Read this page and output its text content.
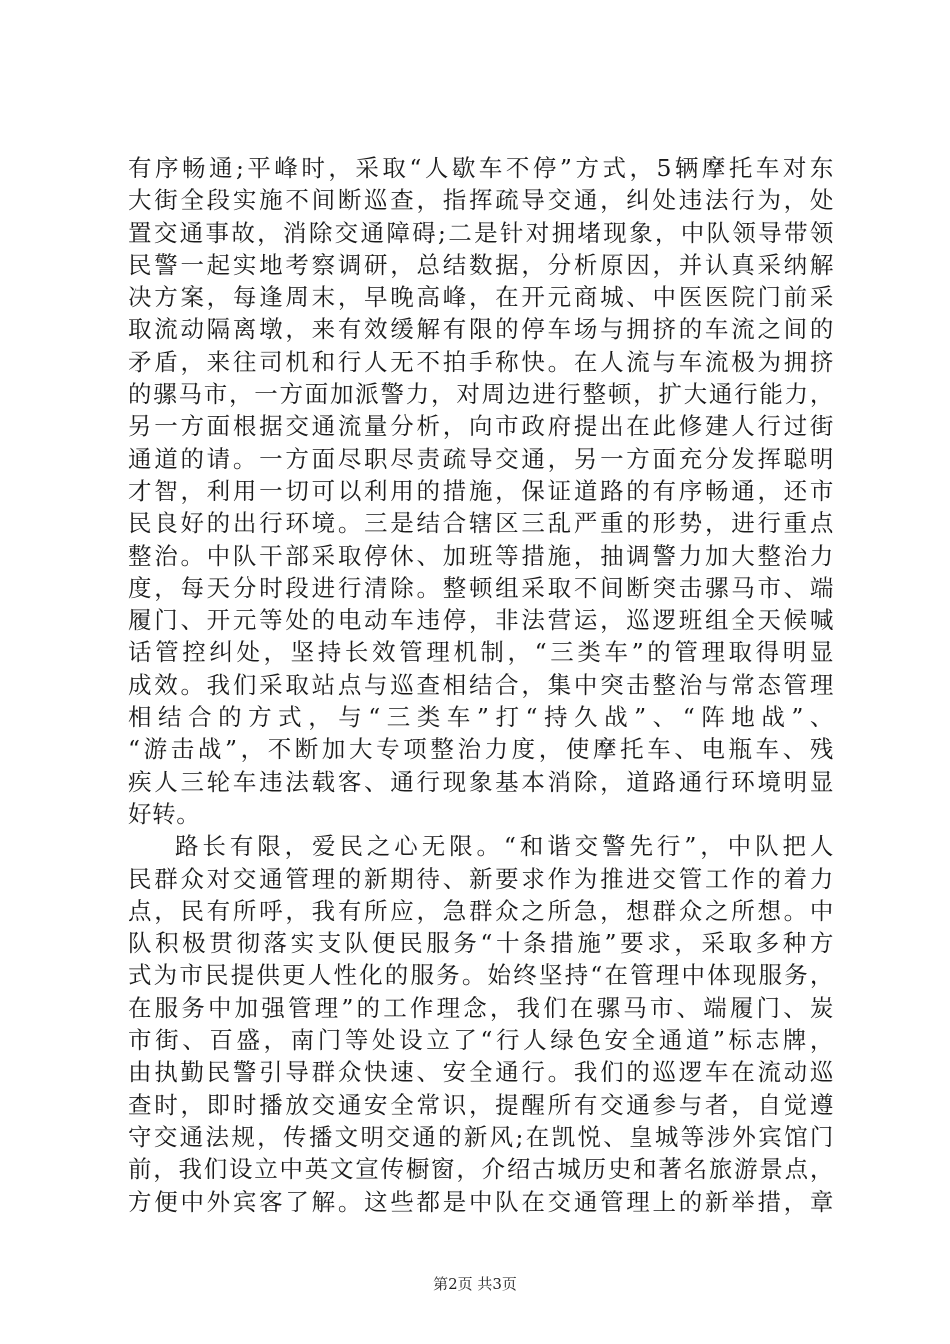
有序畅通;平峰时，采取“人歇车不停”方式，5辆摩托车对东
大街全段实施不间断巡查，指挥疏导交通，纠处违法行为，处
置交通事故，消除交通障碍;二是针对拥堵现象，中队领导带领
民警一起实地考察调研，总结数据，分析原因，并认真采纳解
决方案，每逢周末，早晚高峰，在开元商城、中医医院门前采
取流动隔离墩，来有效缓解有限的停车场与拥挤的车流之间的
矛盾，来往司机和行人无不拍手称快。在人流与车流极为拥挤
的骡马市，一方面加派警力，对周边进行整顿，扩大通行能力，
另一方面根据交通流量分析，向市政府提出在此修建人行过街
通道的请。一方面尽职尽责疏导交通，另一方面充分发挥聪明
才智，利用一切可以利用的措施，保证道路的有序畅通，还市
民良好的出行环境。三是结合辖区三乱严重的形势，进行重点
整治。中队干部采取停休、加班等措施，抽调警力加大整治力
度，每天分时段进行清除。整顿组采取不间断突击骡马市、端
履门、开元等处的电动车违停，非法营运，巡逻班组全天候喊
话管控纠处，坚持长效管理机制，“三类车”的管理取得明显
成效。我们采取站点与巡查相结合，集中突击整治与常态管理
相结合的方式，与“三类车”打“持久战”、“阵地战”、
“游击战”，不断加大专项整治力度，使摩托车、电瓶车、残
疾人三轮车违法载客、通行现象基本消除，道路通行环境明显
好转。
路长有限，爱民之心无限。“和谐交警先行”，中队把人
民群众对交通管理的新期待、新要求作为推进交管工作的着力
点，民有所呼，我有所应，急群众之所急，想群众之所想。中
队积极贯彻落实支队便民服务“十条措施”要求，采取多种方
式为市民提供更人性化的服务。始终坚持“在管理中体现服务，
在服务中加强管理”的工作理念，我们在骡马市、端履门、炭
市街、百盛，南门等处设立了“行人绿色安全通道”标志牌，
由执勤民警引导群众快速、安全通行。我们的巡逻车在流动巡
查时，即时播放交通安全常识，提醒所有交通参与者，自觉遵
守交通法规，传播文明交通的新风;在凯悦、皇城等涉外宾馆门
前，我们设立中英文宣传橱窗，介绍古城历史和著名旅游景点，
方便中外宾客了解。这些都是中队在交通管理上的新举措，章
第2页 共3页
